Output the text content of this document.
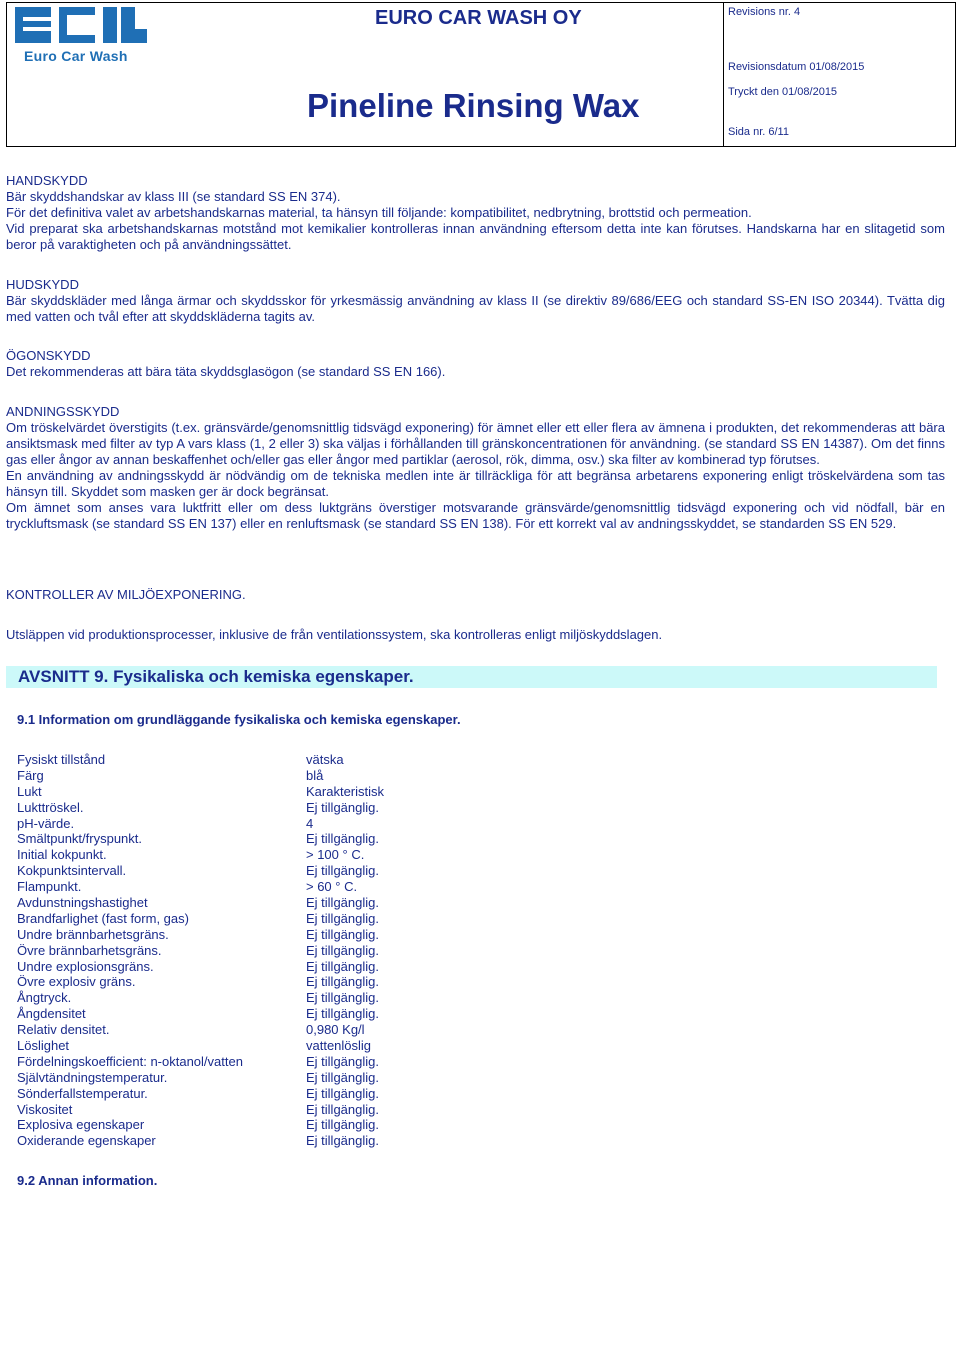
Euro Car Wash
EURO CAR WASH OY
Pineline Rinsing Wax
Revisions nr. 4
Revisionsdatum 01/08/2015
Tryckt den 01/08/2015
Sida nr. 6/11

HANDSKYDD

Bär skyddshandskar av klass III (se standard SS EN 374).

För det definitiva valet av arbetshandskarnas material, ta hänsyn till följande: kompatibilitet, nedbrytning, brottstid och permeation.

Vid preparat ska arbetshandskarnas motstånd mot kemikalier kontrolleras innan användning eftersom detta inte kan förutses. Handskarna har en slitagetid som beror på varaktigheten och på användningssättet.

HUDSKYDD

Bär skyddskläder med långa ärmar och skyddsskor för yrkesmässig användning av klass II (se direktiv 89/686/EEG och standard SS-EN ISO 20344). Tvätta dig med vatten och tvål efter att skyddskläderna tagits av.

ÖGONSKYDD

Det rekommenderas att bära täta skyddsglasögon (se standard SS EN 166).

ANDNINGSSKYDD

Om tröskelvärdet överstigits (t.ex. gränsvärde/genomsnittlig tidsvägd exponering) för ämnet eller ett eller flera av ämnena i produkten, det rekommenderas att bära ansiktsmask med filter av typ A vars klass (1, 2 eller 3) ska väljas i förhållanden till gränskoncentrationen för användning. (se standard SS EN 14387). Om det finns gas eller ångor av annan beskaffenhet och/eller gas eller ångor med partiklar (aerosol, rök, dimma, osv.) ska filter av kombinerad typ förutses.

En användning av andningsskydd är nödvändig om de tekniska medlen inte är tillräckliga för att begränsa arbetarens exponering enligt tröskelvärdena som tas hänsyn till. Skyddet som masken ger är dock begränsat.

Om ämnet som anses vara luktfritt eller om dess luktgräns överstiger motsvarande gränsvärde/genomsnittlig tidsvägd exponering och vid nödfall, bär en tryckluftsmask (se standard SS EN 137) eller en renluftsmask (se standard SS EN 138). För ett korrekt val av andningsskyddet, se standarden SS EN 529.

KONTROLLER AV MILJÖEXPONERING.
Utsläppen vid produktionsprocesser, inklusive de från ventilationssystem, ska kontrolleras enligt miljöskyddslagen.
AVSNITT 9. Fysikaliska och kemiska egenskaper.
9.1 Information om grundläggande fysikaliska och kemiska egenskaper.
Fysiskt tillstånd	vätska
Färg	blå
Lukt	Karakteristisk
Lukttröskel.	Ej tillgänglig.
pH-värde.	4
Smältpunkt/fryspunkt.	Ej tillgänglig.
Initial kokpunkt.	> 100 ° C.
Kokpunktsintervall.	Ej tillgänglig.
Flampunkt.	> 60 ° C.
Avdunstningshastighet	Ej tillgänglig.
Brandfarlighet (fast form, gas)	Ej tillgänglig.
Undre brännbarhetsgräns.	Ej tillgänglig.
Övre brännbarhetsgräns.	Ej tillgänglig.
Undre explosionsgräns.	Ej tillgänglig.
Övre explosiv gräns.	Ej tillgänglig.
Ångtryck.	Ej tillgänglig.
Ångdensitet	Ej tillgänglig.
Relativ densitet.	0,980 Kg/l
Löslighet	vattenlöslig
Fördelningskoefficient: n-oktanol/vatten	Ej tillgänglig.
Självtändningstemperatur.	Ej tillgänglig.
Sönderfallstemperatur.	Ej tillgänglig.
Viskositet	Ej tillgänglig.
Explosiva egenskaper	Ej tillgänglig.
Oxiderande egenskaper	Ej tillgänglig.
9.2 Annan information.
